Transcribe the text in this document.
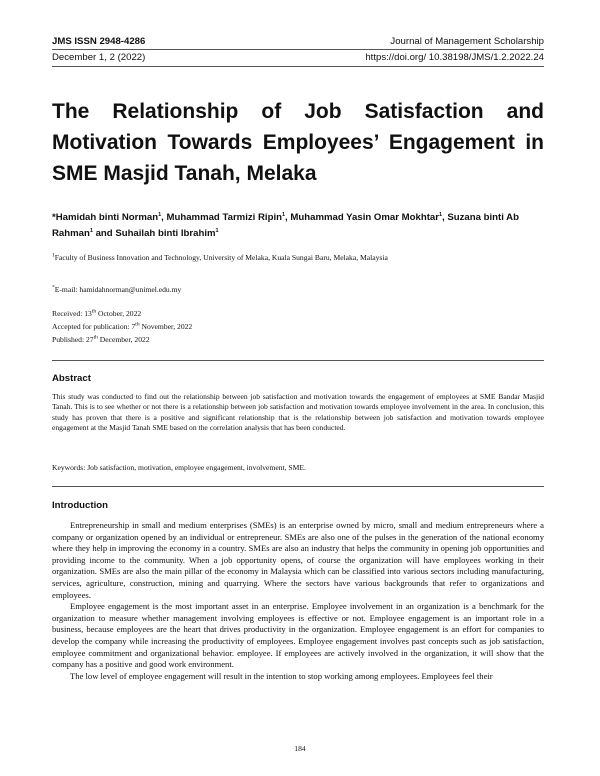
JMS ISSN 2948-4286	Journal of Management Scholarship
December 1, 2 (2022)	https://doi.org/ 10.38198/JMS/1.2.2022.24
The Relationship of Job Satisfaction and Motivation Towards Employees’ Engagement in SME Masjid Tanah, Melaka
*Hamidah binti Norman$^1$, Muhammad Tarmizi Ripin$^1$, Muhammad Yasin Omar Mokhtar$^1$, Suzana binti Ab Rahman$^1$ and Suhailah binti Ibrahim$^1$
$^1$Faculty of Business Innovation and Technology, University of Melaka, Kuala Sungai Baru, Melaka, Malaysia
*E-mail: hamidahnorman@unimel.edu.my
Received: 13th October, 2022
Accepted for publication: 7th November, 2022
Published: 27th December, 2022
Abstract
This study was conducted to find out the relationship between job satisfaction and motivation towards the engagement of employees at SME Bandar Masjid Tanah. This is to see whether or not there is a relationship between job satisfaction and motivation towards employee involvement in the area. In conclusion, this study has proven that there is a positive and significant relationship that is the relationship between job satisfaction and motivation towards employee engagement at the Masjid Tanah SME based on the correlation analysis that has been conducted.
Keywords: Job satisfaction, motivation, employee engagement, involvement, SME.
Introduction

Entrepreneurship in small and medium enterprises (SMEs) is an enterprise owned by micro, small and medium entrepreneurs where a company or organization opened by an individual or entrepreneur. SMEs are also one of the pulses in the generation of the national economy where they help in improving the economy in a country. SMEs are also an industry that helps the community in opening job opportunities and providing income to the community. When a job opportunity opens, of course the organization will have employees working in their organization. SMEs are also the main pillar of the economy in Malaysia which can be classified into various sectors including manufacturing, services, agriculture, construction, mining and quarrying. Where the sectors have various backgrounds that refer to organizations and employees.

Employee engagement is the most important asset in an enterprise. Employee involvement in an organization is a benchmark for the organization to measure whether management involving employees is effective or not. Employee engagement is an important role in a business, because employees are the heart that drives productivity in the organization. Employee engagement is an effort for companies to develop the company while increasing the productivity of employees. Employee engagement involves past concepts such as job satisfaction, employee commitment and organizational behavior. employee. If employees are actively involved in the organization, it will show that the company has a positive and good work environment.

The low level of employee engagement will result in the intention to stop working among employees. Employees feel their

184
